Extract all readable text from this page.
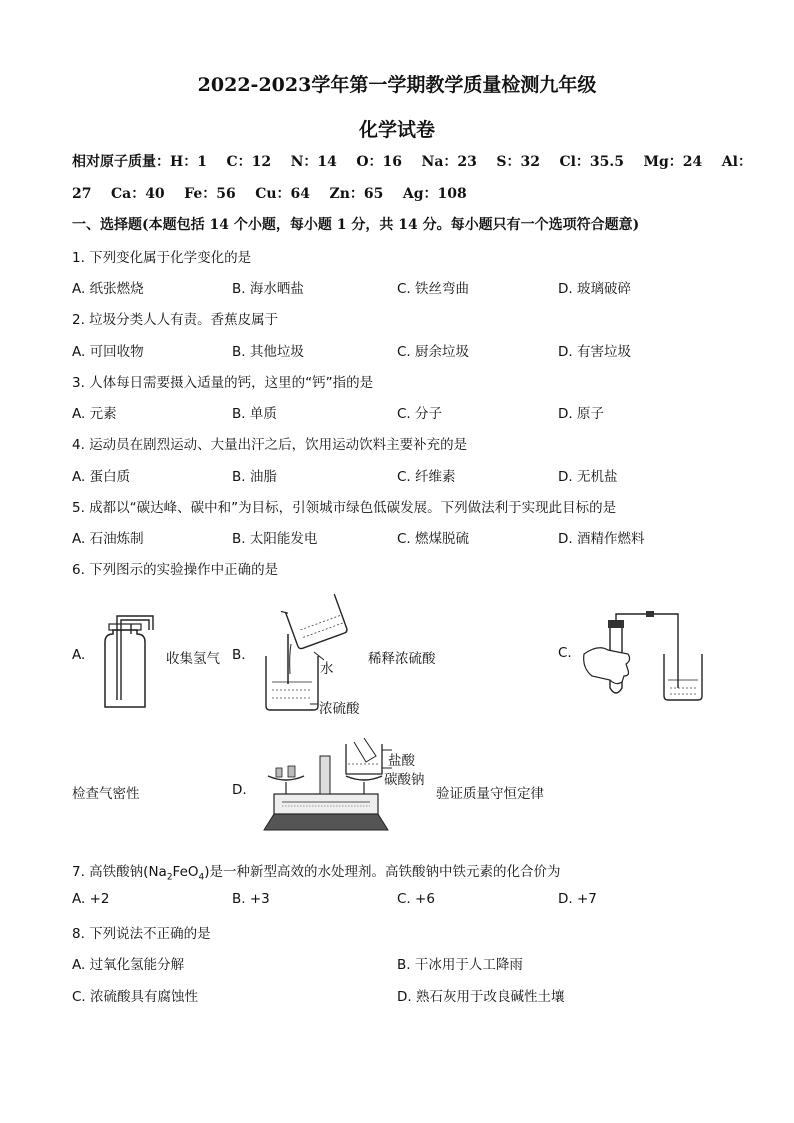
2022-2023学年第一学期教学质量检测九年级
化学试卷
相对原子质量：H：1    C：12    N：14    O：16    Na：23    S：32    Cl：35.5    Mg：24    Al：
27    Ca：40    Fe：56    Cu：64    Zn：65    Ag：108
一、选择题(本题包括 14 个小题，每小题 1 分，共 14 分。每小题只有一个选项符合题意)
1. 下列变化属于化学变化的是
A. 纸张燃烧	B. 海水晒盐	C. 铁丝弯曲	D. 玻璃破碎
2. 垃圾分类人人有责。香蕉皮属于
A. 可回收物	B. 其他垃圾	C. 厨余垃圾	D. 有害垃圾
3. 人体每日需要摄入适量的钙，这里的“钙”指的是
A. 元素	B. 单质	C. 分子	D. 原子
4. 运动员在剧烈运动、大量出汗之后，饮用运动饮料主要补充的是
A. 蛋白质	B. 油脂	C. 纤维素	D. 无机盐
5. 成都以“碳达峰、碳中和”为目标，引领城市绿色低碳发展。下列做法利于实现此目标的是
A. 石油炼制	B. 太阳能发电	C. 燃煤脱硫	D. 酒精作燃料
6. 下列图示的实验操作中正确的是
A.	收集氢气 B.
水
稀释浓硫酸
浓硫酸
C.
检查气密性	D.
盐酸
碳酸钠
验证质量守恒定律
7. 高铁酸钠$(Na_2FeO_4)$是一种新型高效的水处理剂。高铁酸钠中铁元素的化合价为
A. +2	B. +3	C. +6	D. +7
8. 下列说法不正确的是
A. 过氧化氢能分解	B. 干冰用于人工降雨
C. 浓硫酸具有腐蚀性	D. 熟石灰用于改良碱性土壤
